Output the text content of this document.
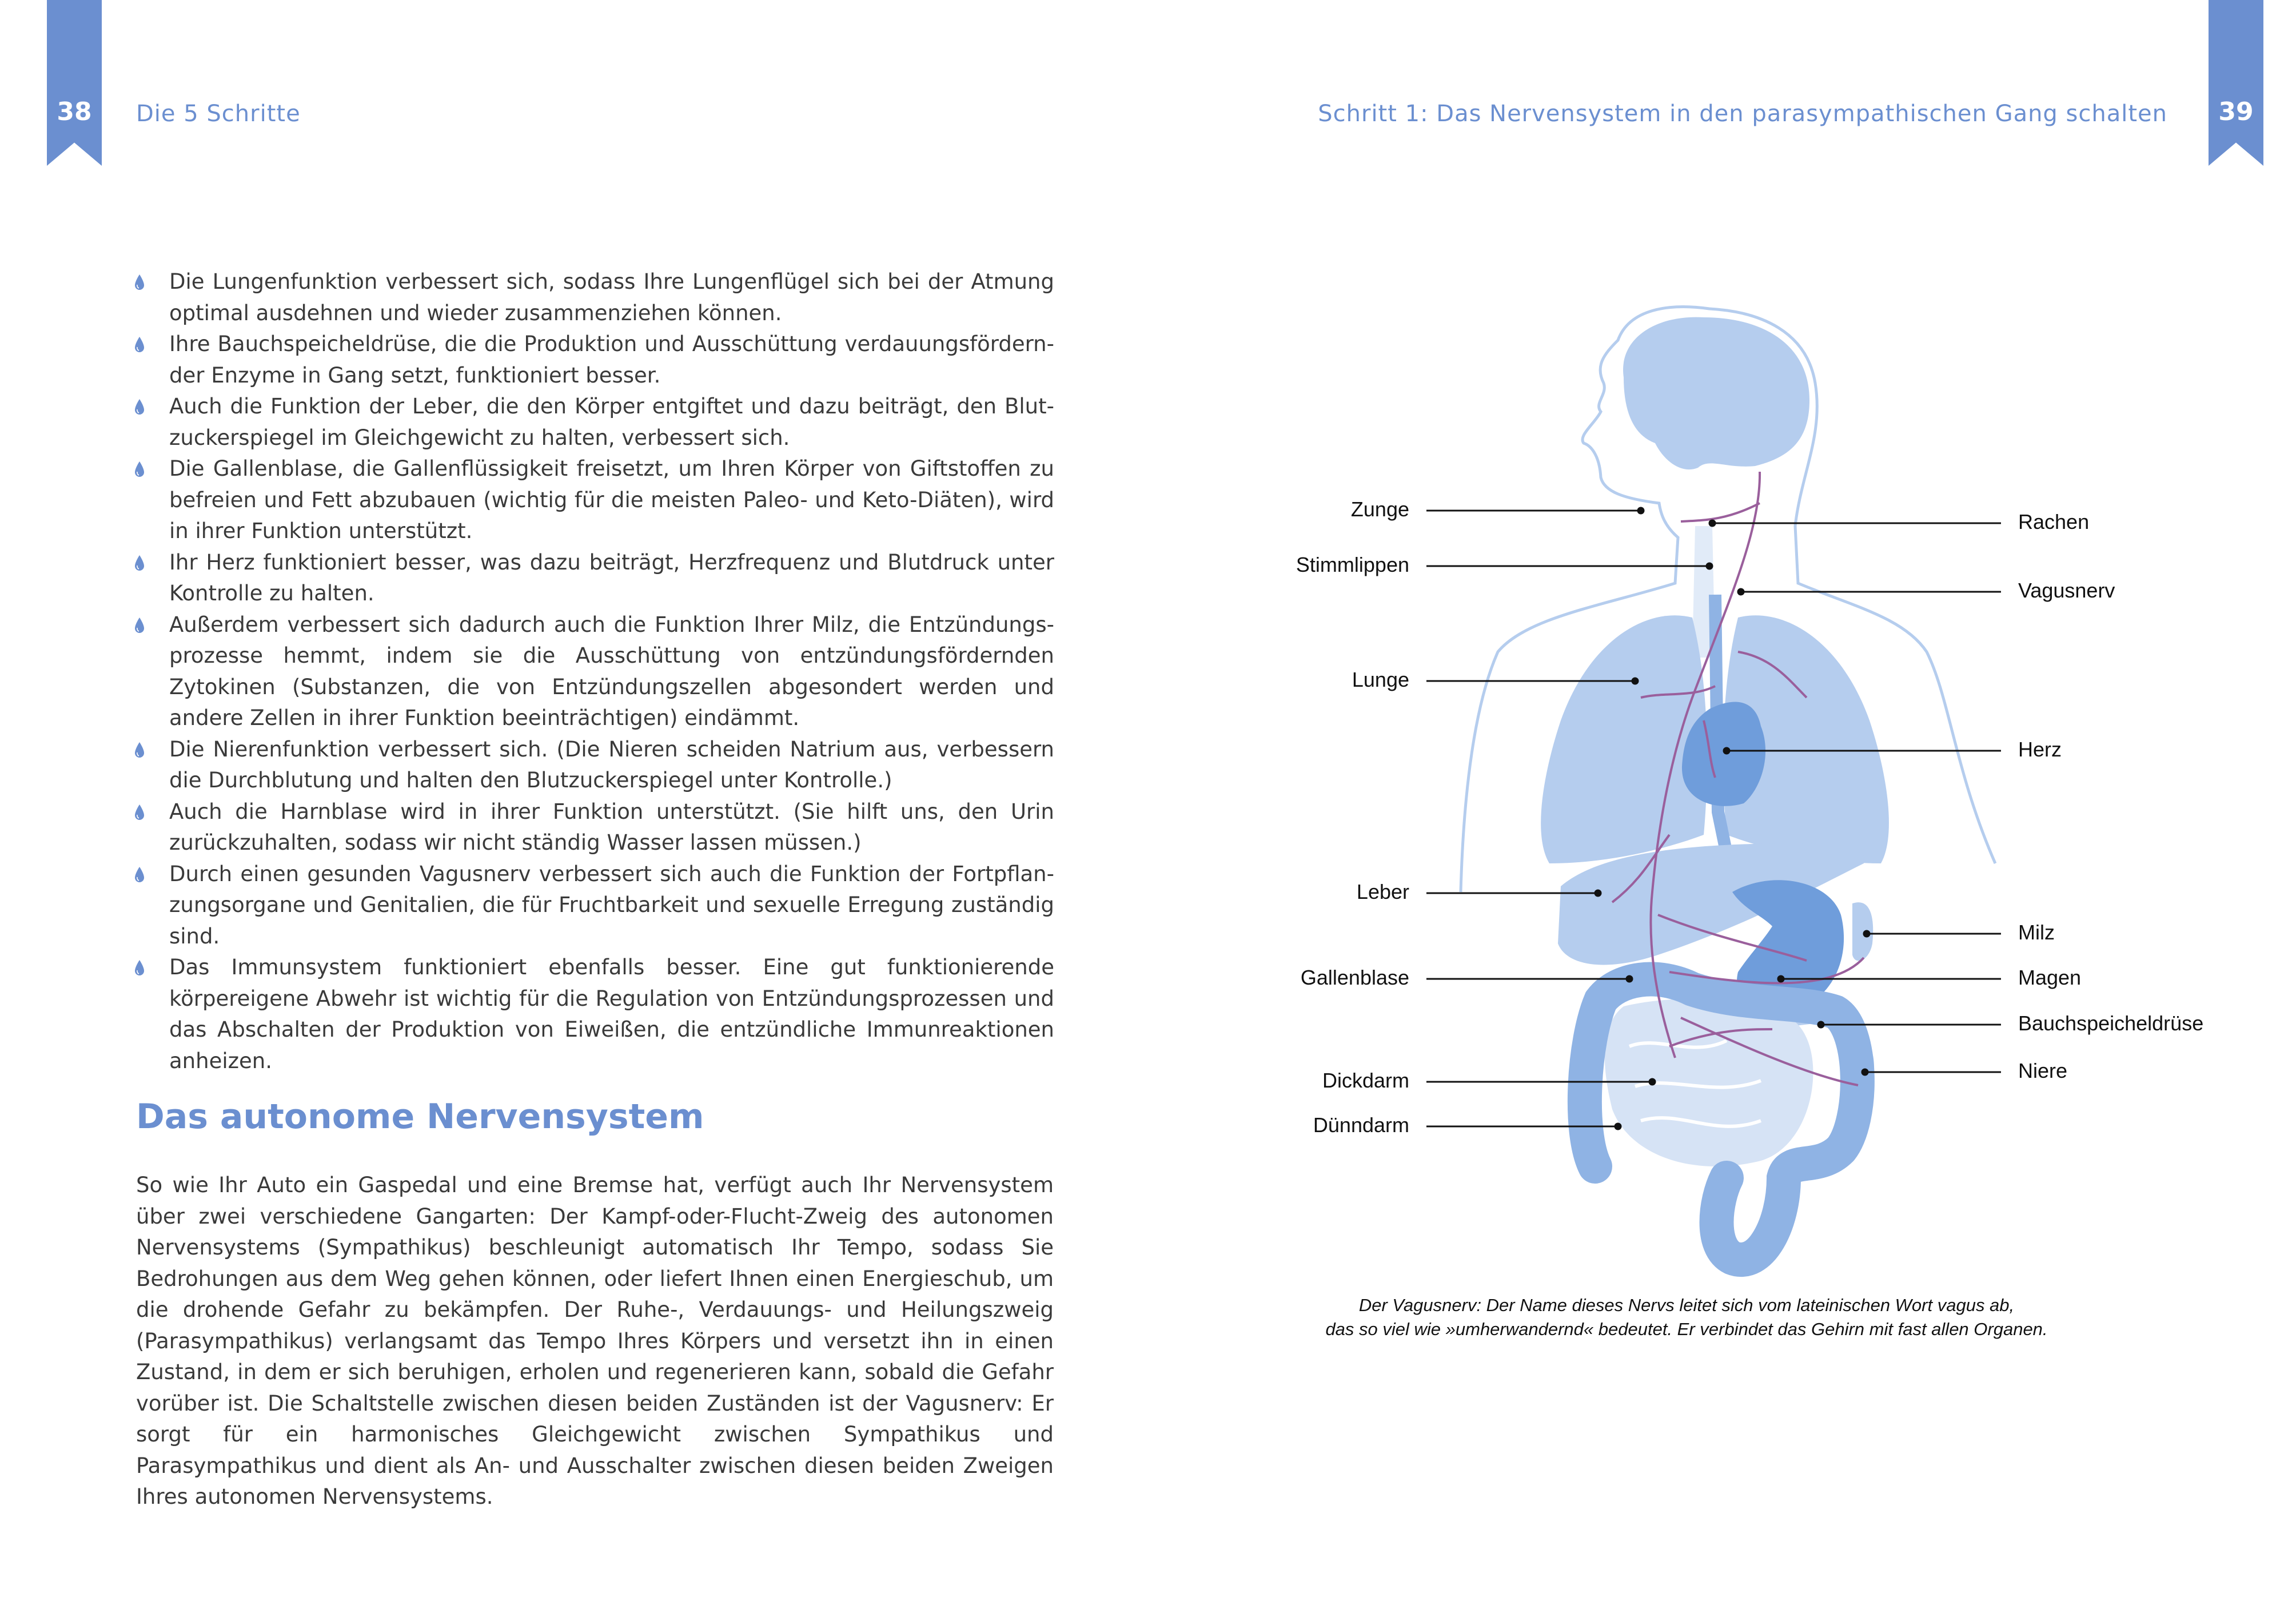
38	Die 5 Schritte	39
Schritt 1: Das Nervensystem in den parasympathischen Gang schalten
Die Lungenfunktion verbessert sich, sodass Ihre Lungenflügel sich bei der Atmung optimal ausdehnen und wieder zusammenziehen können.
Ihre Bauchspeicheldrüse, die die Produktion und Ausschüttung verdauungsfördernder Enzyme in Gang setzt, funktioniert besser.
Auch die Funktion der Leber, die den Körper entgiftet und dazu beiträgt, den Blutzuckerspiegel im Gleichgewicht zu halten, verbessert sich.
Die Gallenblase, die Gallenflüssigkeit freisetzt, um Ihren Körper von Giftstoffen zu befreien und Fett abzubauen (wichtig für die meisten Paleo- und Keto-Diäten), wird in ihrer Funktion unterstützt.
Ihr Herz funktioniert besser, was dazu beiträgt, Herzfrequenz und Blutdruck unter Kontrolle zu halten.
Außerdem verbessert sich dadurch auch die Funktion Ihrer Milz, die Entzündungsprozesse hemmt, indem sie die Ausschüttung von entzündungsfördernden Zytokinen (Substanzen, die von Entzündungszellen abgesondert werden und andere Zellen in ihrer Funktion beeinträchtigen) eindämmt.
Die Nierenfunktion verbessert sich. (Die Nieren scheiden Natrium aus, verbessern die Durchblutung und halten den Blutzuckerspiegel unter Kontrolle.)
Auch die Harnblase wird in ihrer Funktion unterstützt. (Sie hilft uns, den Urin zurückzuhalten, sodass wir nicht ständig Wasser lassen müssen.)
Durch einen gesunden Vagusnerv verbessert sich auch die Funktion der Fortpflanzungsorgane und Genitalien, die für Fruchtbarkeit und sexuelle Erregung zuständig sind.
Das Immunsystem funktioniert ebenfalls besser. Eine gut funktionierende körpereigene Abwehr ist wichtig für die Regulation von Entzündungsprozessen und das Abschalten der Produktion von Eiweißen, die entzündliche Immunreaktionen anheizen.
Das autonome Nervensystem

So wie Ihr Auto ein Gaspedal und eine Bremse hat, verfügt auch Ihr Nervensystem über zwei verschiedene Gangarten: Der Kampf-oder-Flucht-Zweig des autonomen Nervensystems (Sympathikus) beschleunigt automatisch Ihr Tempo, sodass Sie Bedrohungen aus dem Weg gehen können, oder liefert Ihnen einen Energieschub, um die drohende Gefahr zu bekämpfen. Der Ruhe-, Verdauungs- und Heilungszweig (Parasympathikus) verlangsamt das Tempo Ihres Körpers und versetzt ihn in einen Zustand, in dem er sich beruhigen, erholen und regenerieren kann, sobald die Gefahr vorüber ist. Die Schaltstelle zwischen diesen beiden Zuständen ist der Vagusnerv: Er sorgt für ein harmonisches Gleichgewicht zwischen Sympathikus und Parasympathikus und dient als An- und Ausschalter zwischen diesen beiden Zweigen Ihres autonomen Nervensystems.

Zunge
Stimmlippen
Lunge
Leber
Gallenblase
Dickdarm
Dünndarm
Rachen
Vagusnerv
Herz
Milz
Magen
Bauchspeicheldrüse
Niere

Der Vagusnerv: Der Name dieses Nervs leitet sich vom lateinischen Wort vagus ab,
das so viel wie »umherwandernd« bedeutet. Er verbindet das Gehirn mit fast allen Organen.
